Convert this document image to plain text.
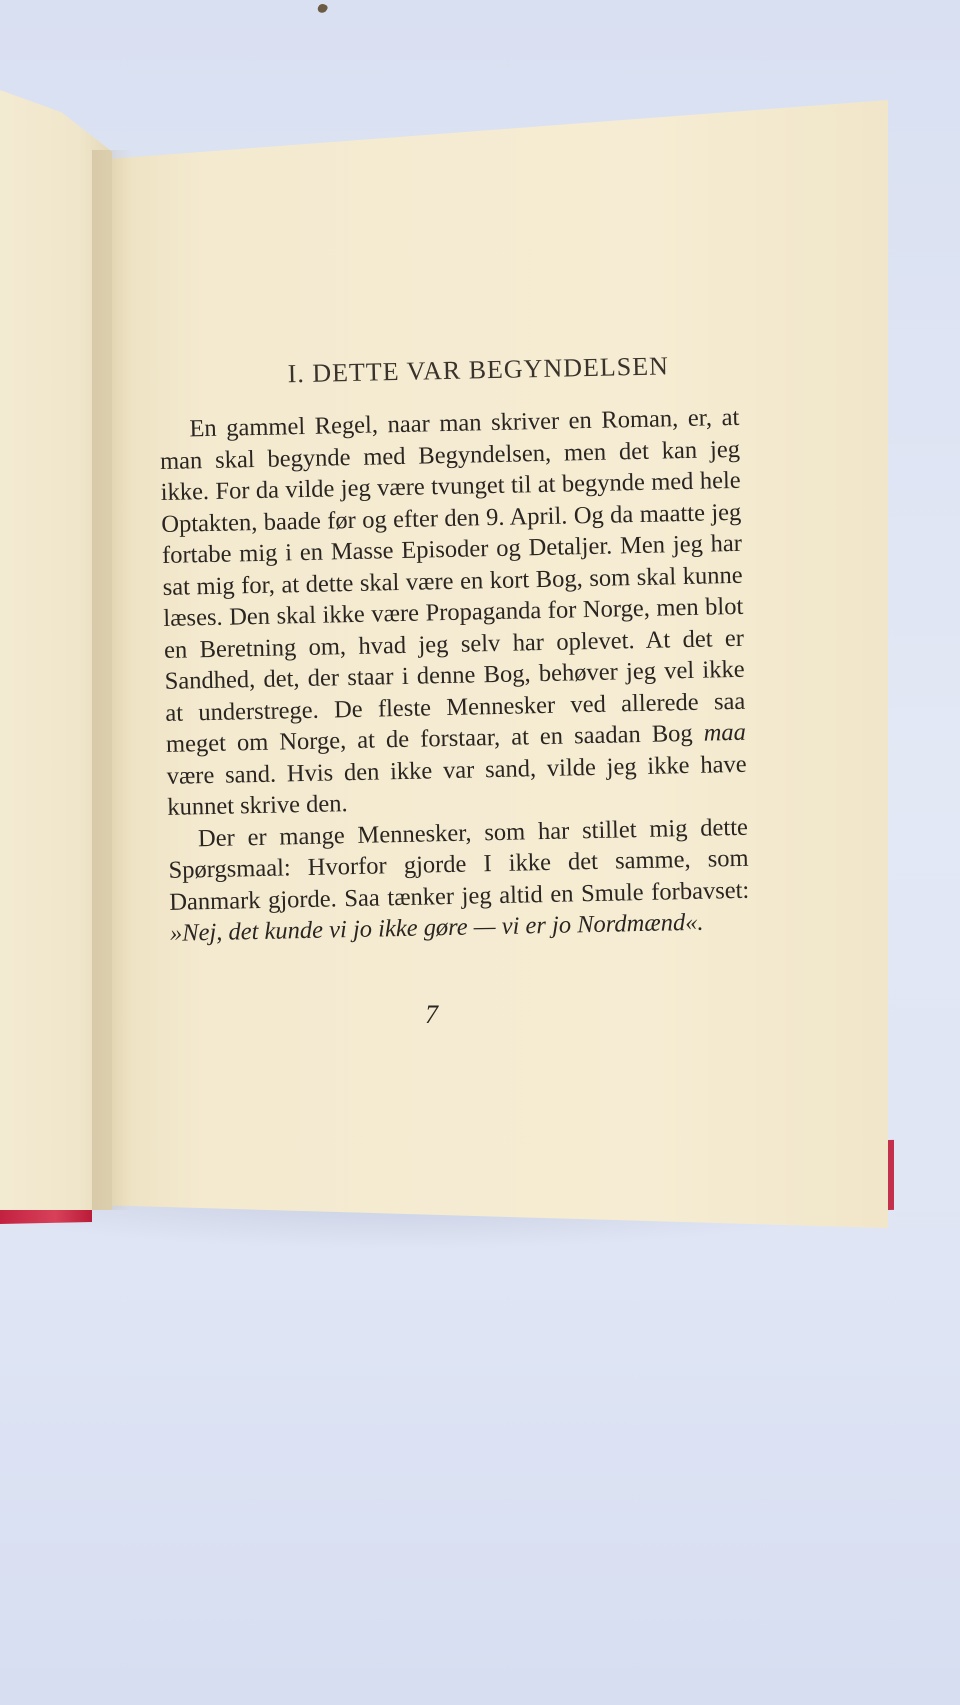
I. DETTE VAR BEGYNDELSEN

En gammel Regel, naar man skriver en Roman, er, at man skal begynde med Begyndelsen, men det kan jeg ikke. For da vilde jeg være tvunget til at begynde med hele Optakten, baade før og efter den 9. April. Og da maatte jeg fortabe mig i en Masse Episoder og Detaljer. Men jeg har sat mig for, at dette skal være en kort Bog, som skal kunne læses. Den skal ikke være Propaganda for Norge, men blot en Beretning om, hvad jeg selv har oplevet. At det er Sandhed, det, der staar i denne Bog, behøver jeg vel ikke at understrege. De fleste Mennesker ved allerede saa meget om Norge, at de forstaar, at en saadan Bog maa være sand. Hvis den ikke var sand, vilde jeg ikke have kunnet skrive den.

Der er mange Mennesker, som har stillet mig dette Spørgsmaal: Hvorfor gjorde I ikke det samme, som Danmark gjorde. Saa tænker jeg altid en Smule forbavset: »Nej, det kunde vi jo ikke gøre — vi er jo Nordmænd«.

7
